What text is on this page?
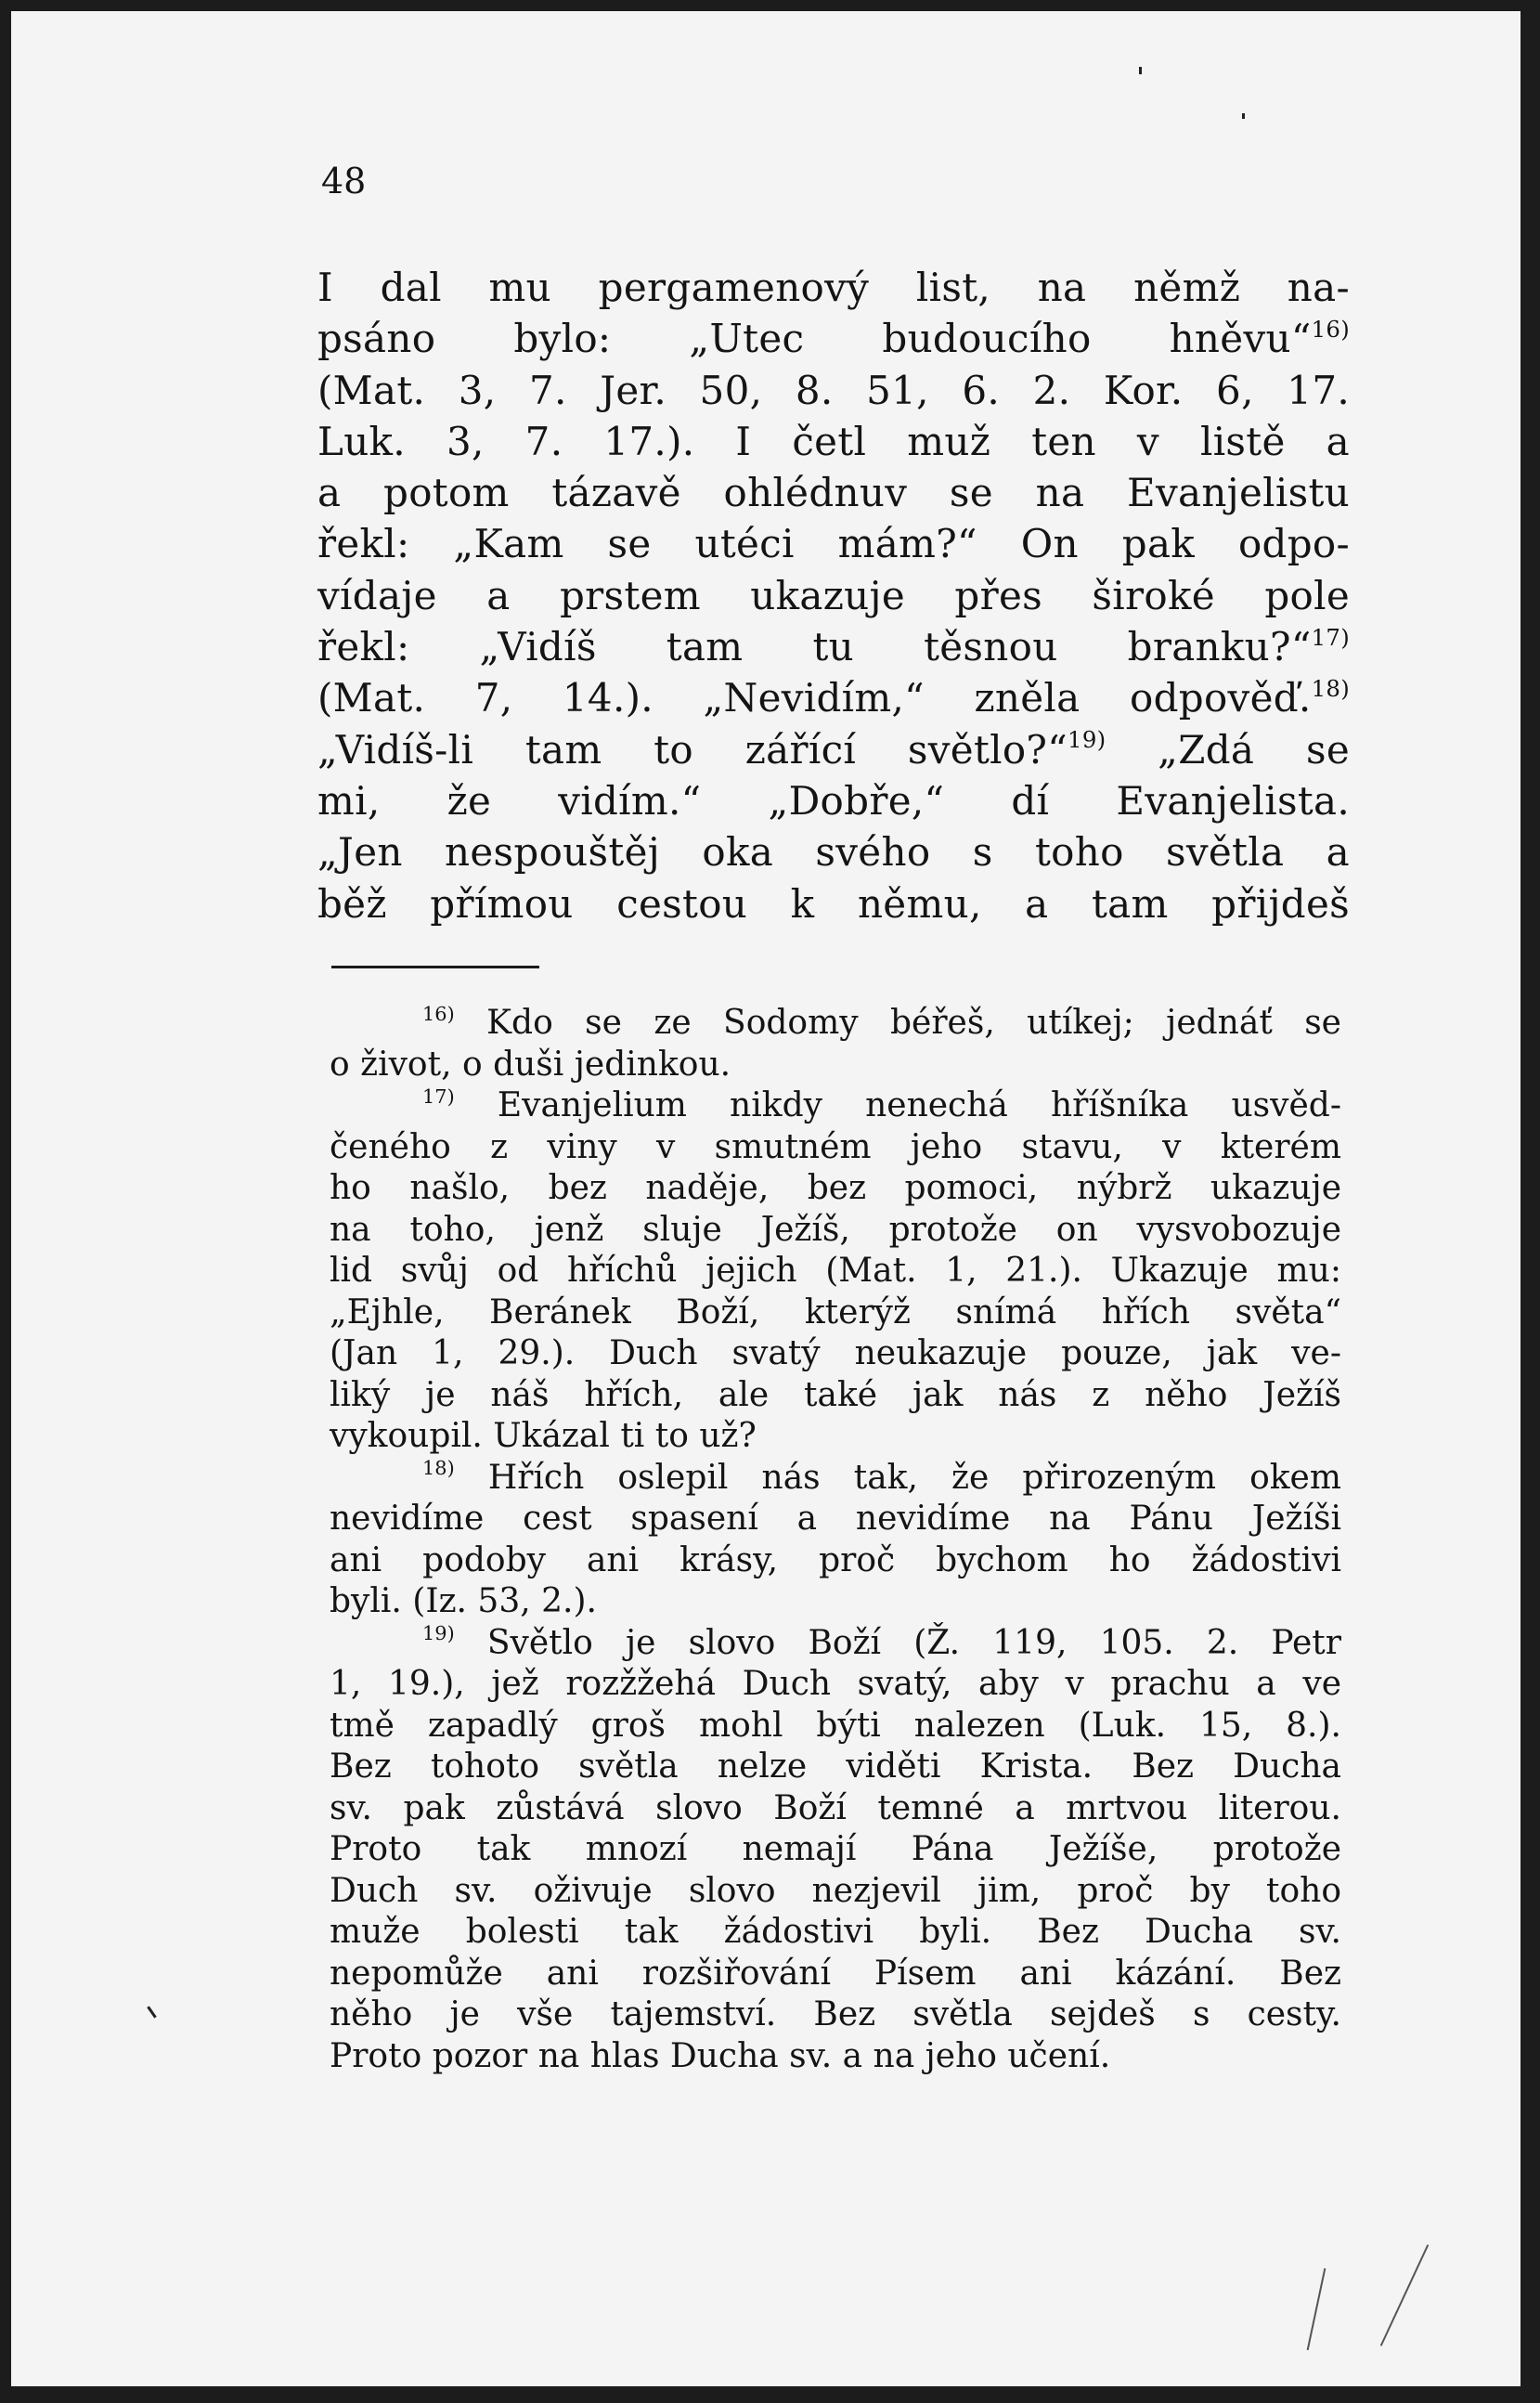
48
I dal mu pergamenový list, na němž na-
psáno bylo: „Utec budoucího hněvu“$^{16)}$
(Mat. 3, 7. Jer. 50, 8. 51, 6. 2. Kor. 6, 17.
Luk. 3, 7. 17.). I četl muž ten v listě a
a potom tázavě ohlédnuv se na Evanjelistu
řekl: „Kam se utéci mám?“ On pak odpo-
vídaje a prstem ukazuje přes široké pole
řekl: „Vidíš tam tu těsnou branku?“$^{17)}$
(Mat. 7, 14.). „Nevidím,“ zněla odpověď.$^{18)}$
„Vidíš-li tam to zářící světlo?“$^{19)}$ „Zdá se
mi, že vidím.“ „Dobře,“ dí Evanjelista.
„Jen nespouštěj oka svého s toho světla a
běž přímou cestou k němu, a tam přijdeš
$^{16)}$ Kdo se ze Sodomy béřeš, utíkej; jednáť se
o život, o duši jedinkou.
$^{17)}$ Evanjelium nikdy nenechá hříšníka usvěd-
čeného z viny v smutném jeho stavu, v kterém
ho našlo, bez naděje, bez pomoci, nýbrž ukazuje
na toho, jenž sluje Ježíš, protože on vysvobozuje
lid svůj od hříchů jejich (Mat. 1, 21.). Ukazuje mu:
„Ejhle, Beránek Boží, kterýž snímá hřích světa“
(Jan 1, 29.). Duch svatý neukazuje pouze, jak ve-
liký je náš hřích, ale také jak nás z něho Ježíš
vykoupil. Ukázal ti to už?
$^{18)}$ Hřích oslepil nás tak, že přirozeným okem
nevidíme cest spasení a nevidíme na Pánu Ježíši
ani podoby ani krásy, proč bychom ho žádostivi
byli. (Iz. 53, 2.).
$^{19)}$ Světlo je slovo Boží (Ž. 119, 105. 2. Petr
1, 19.), jež rozžžehá Duch svatý, aby v prachu a ve
tmě zapadlý groš mohl býti nalezen (Luk. 15, 8.).
Bez tohoto světla nelze viděti Krista. Bez Ducha
sv. pak zůstává slovo Boží temné a mrtvou literou.
Proto tak mnozí nemají Pána Ježíše, protože
Duch sv. oživuje slovo nezjevil jim, proč by toho
muže bolesti tak žádostivi byli. Bez Ducha sv.
nepomůže ani rozšiřování Písem ani kázání. Bez
něho je vše tajemství. Bez světla sejdeš s cesty.
Proto pozor na hlas Ducha sv. a na jeho učení.
